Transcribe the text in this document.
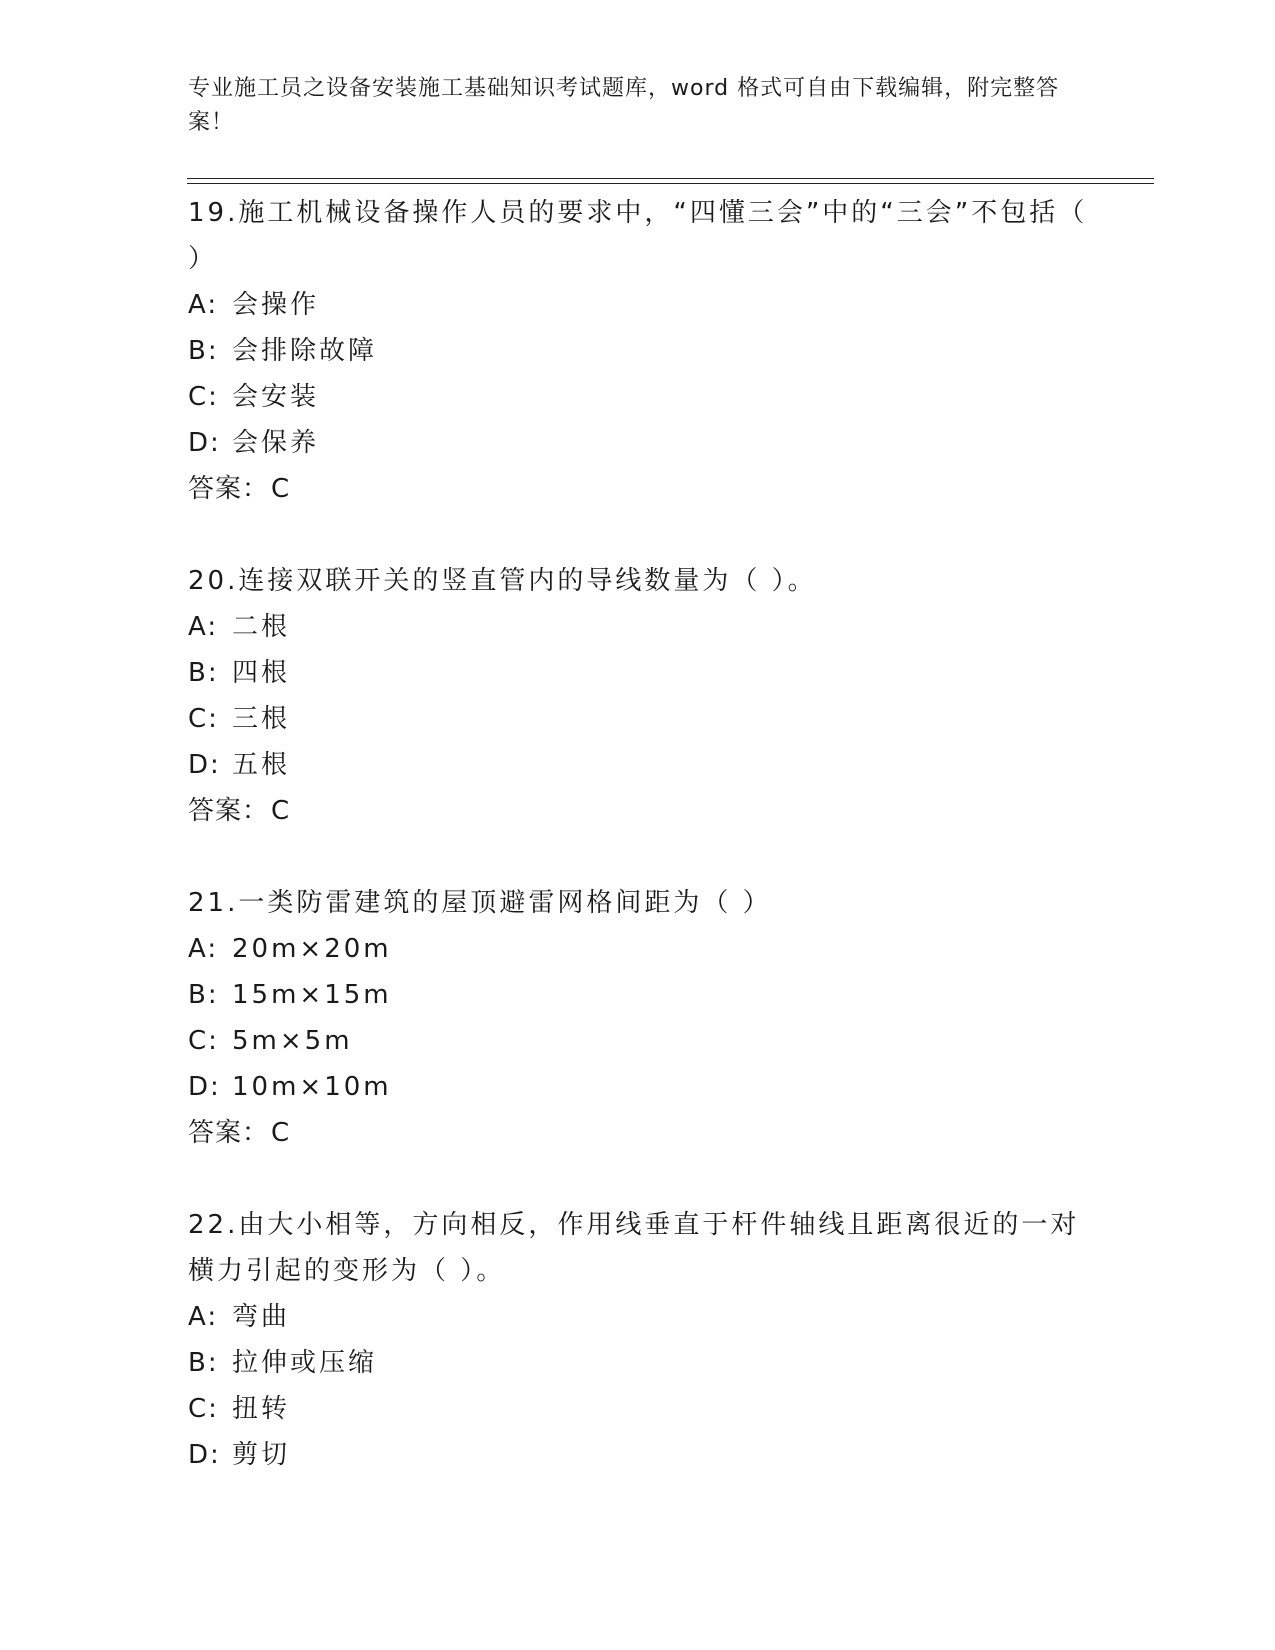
专业施工员之设备安装施工基础知识考试题库，word 格式可自由下载编辑，附完整答案！
19.施工机械设备操作人员的要求中，“四懂三会”中的“三会”不包括（ ）
A: 会操作
B: 会排除故障
C: 会安装
D: 会保养
答案： C
20.连接双联开关的竖直管内的导线数量为（ ）。
A: 二根
B: 四根
C: 三根
D: 五根
答案： C
21.一类防雷建筑的屋顶避雷网格间距为（ ）
A: 20m×20m
B: 15m×15m
C: 5m×5m
D: 10m×10m
答案： C
22.由大小相等，方向相反，作用线垂直于杆件轴线且距离很近的一对横力引起的变形为（ ）。
A: 弯曲
B: 拉伸或压缩
C: 扭转
D: 剪切
